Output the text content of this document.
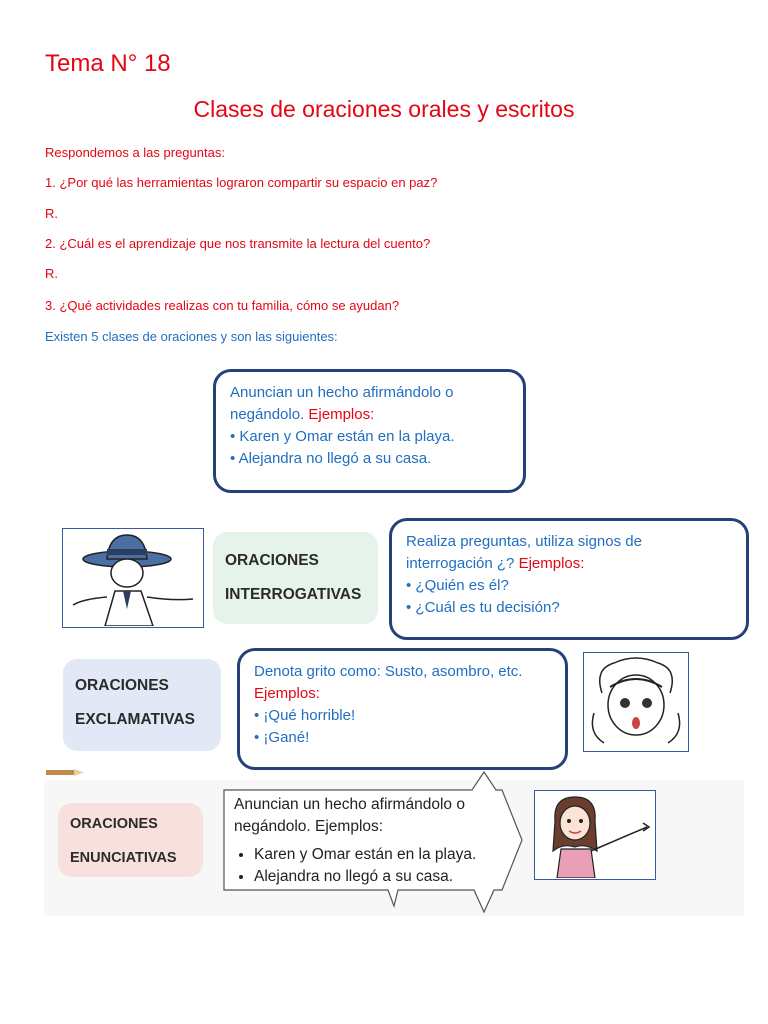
Tema N° 18
Clases de oraciones orales y escritos
Respondemos a las preguntas:
1. ¿Por qué las herramientas lograron compartir su espacio en paz?
R.
2. ¿Cuál es el aprendizaje que nos transmite la lectura del cuento?
R.
3. ¿Qué actividades realizas con tu familia, cómo se ayudan?
Existen 5 clases de oraciones y son las siguientes:
Anuncian un hecho afirmándolo o
negándolo. Ejemplos:
• Karen y Omar están en la playa.
• Alejandra no llegó a su casa.
ORACIONES
INTERROGATIVAS
Realiza preguntas, utiliza signos de
interrogación ¿? Ejemplos:
• ¿Quién es él?
• ¿Cuál es tu decisión?
ORACIONES
EXCLAMATIVAS
Denota grito como: Susto, asombro, etc.
Ejemplos:
• ¡Qué horrible!
• ¡Gané!
ORACIONES
ENUNCIATIVAS
Anuncian un hecho afirmándolo o
negándolo. Ejemplos:
• Karen y Omar están en la playa.
• Alejandra no llegó a su casa.
